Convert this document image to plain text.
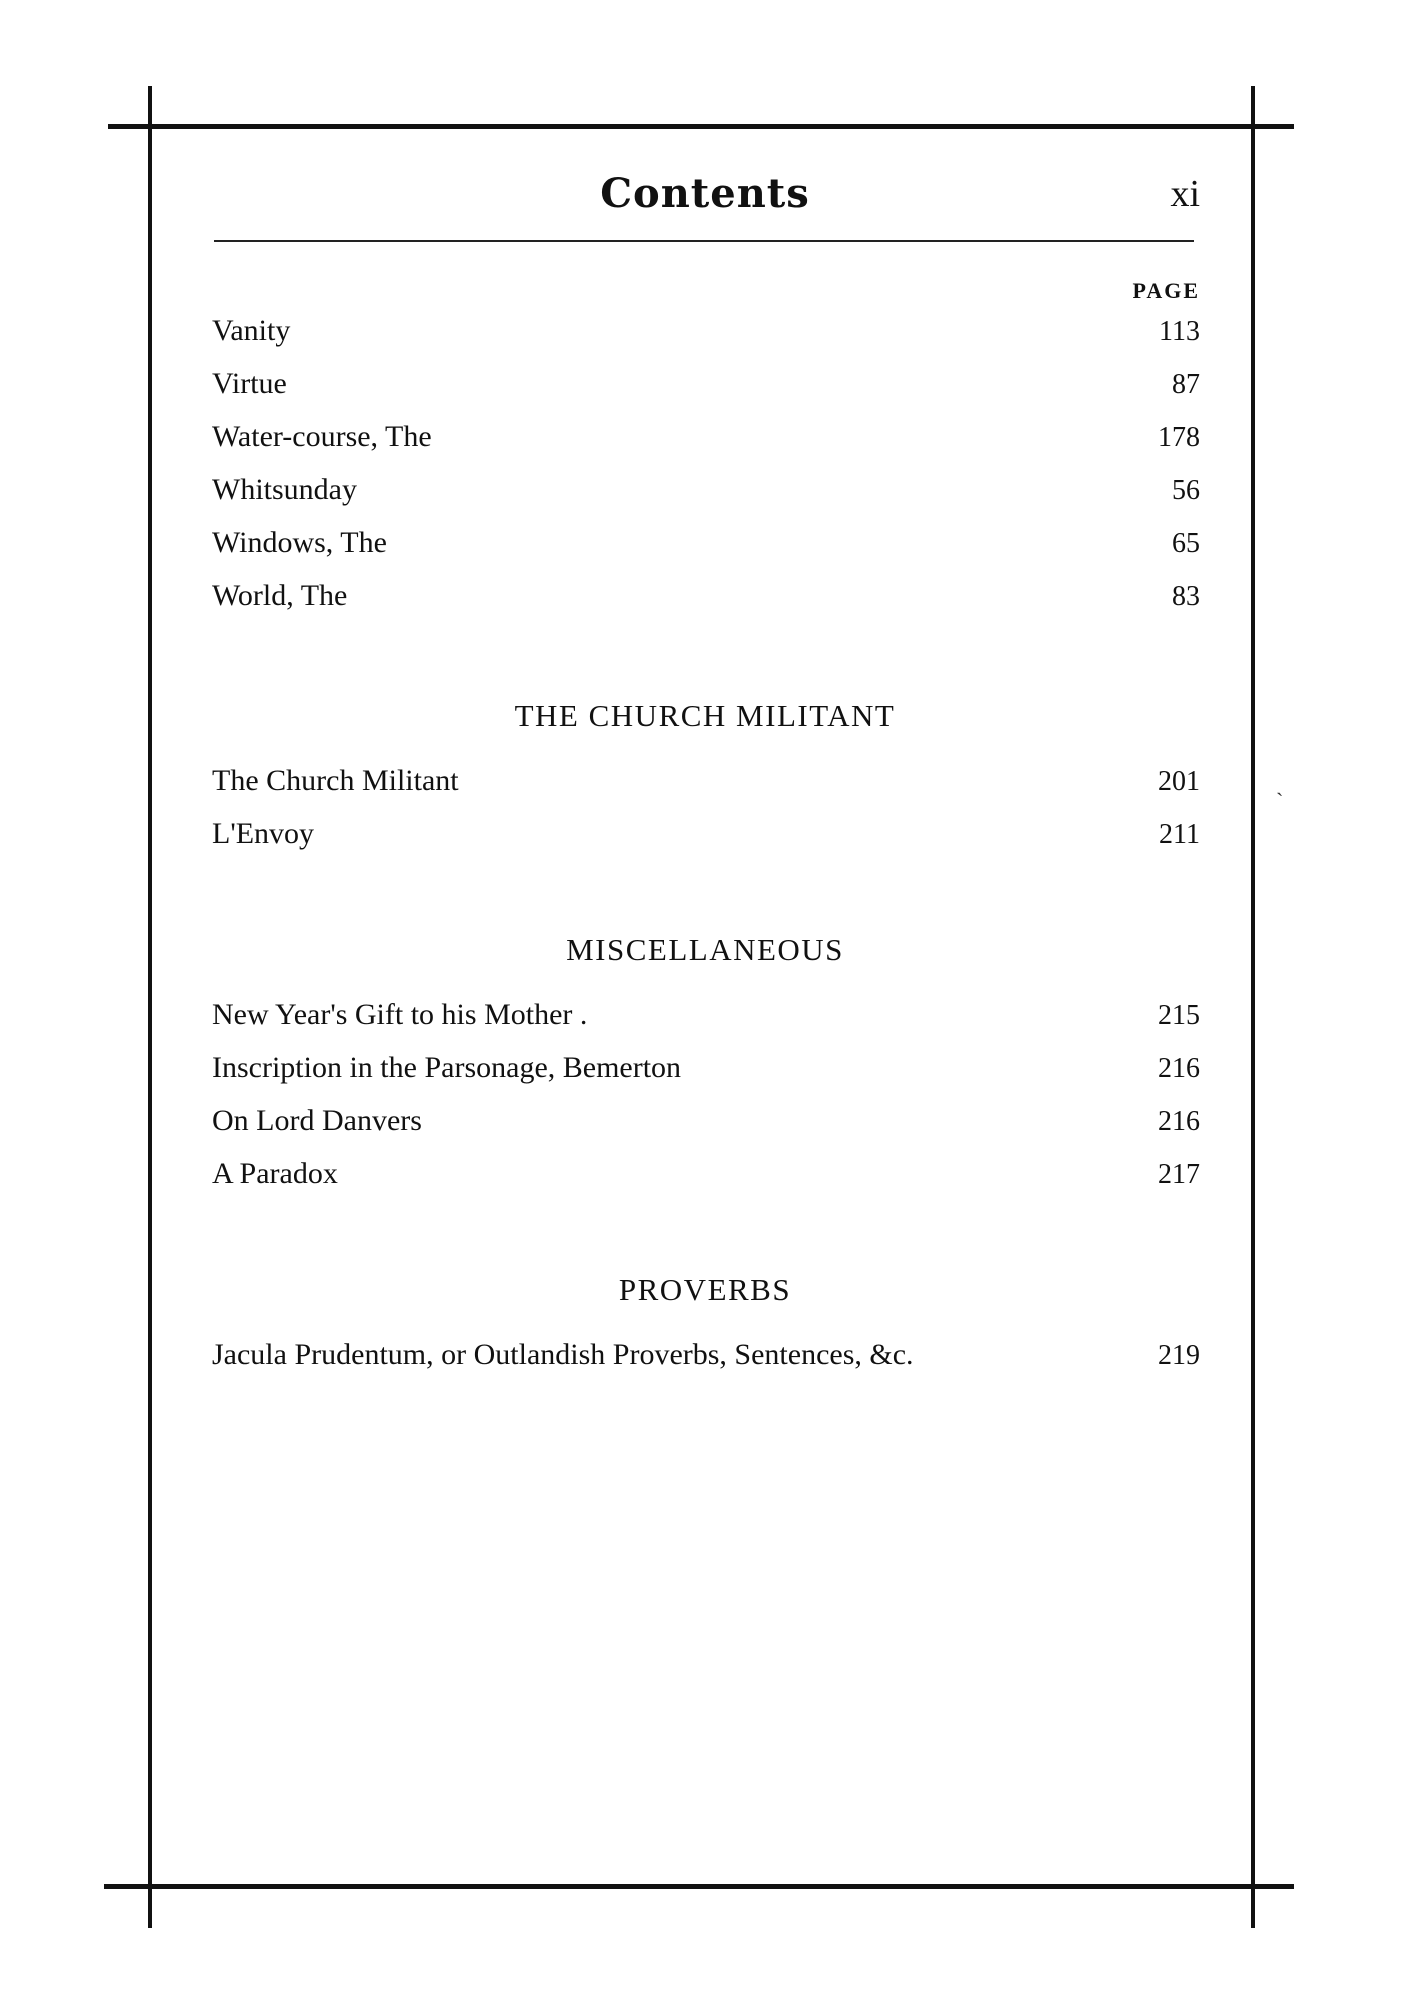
ˋ
Contents	xi
PAGE
Vanity	113
Virtue	87
Water-course, The	178
Whitsunday	56
Windows, The	65
World, The	83
THE CHURCH MILITANT
The Church Militant	201
L'Envoy	211
MISCELLANEOUS
New Year's Gift to his Mother .	215
Inscription in the Parsonage, Bemerton	216
On Lord Danvers	216
A Paradox	217
PROVERBS
Jacula Prudentum, or Outlandish Proverbs, Sentences, &c.	219
